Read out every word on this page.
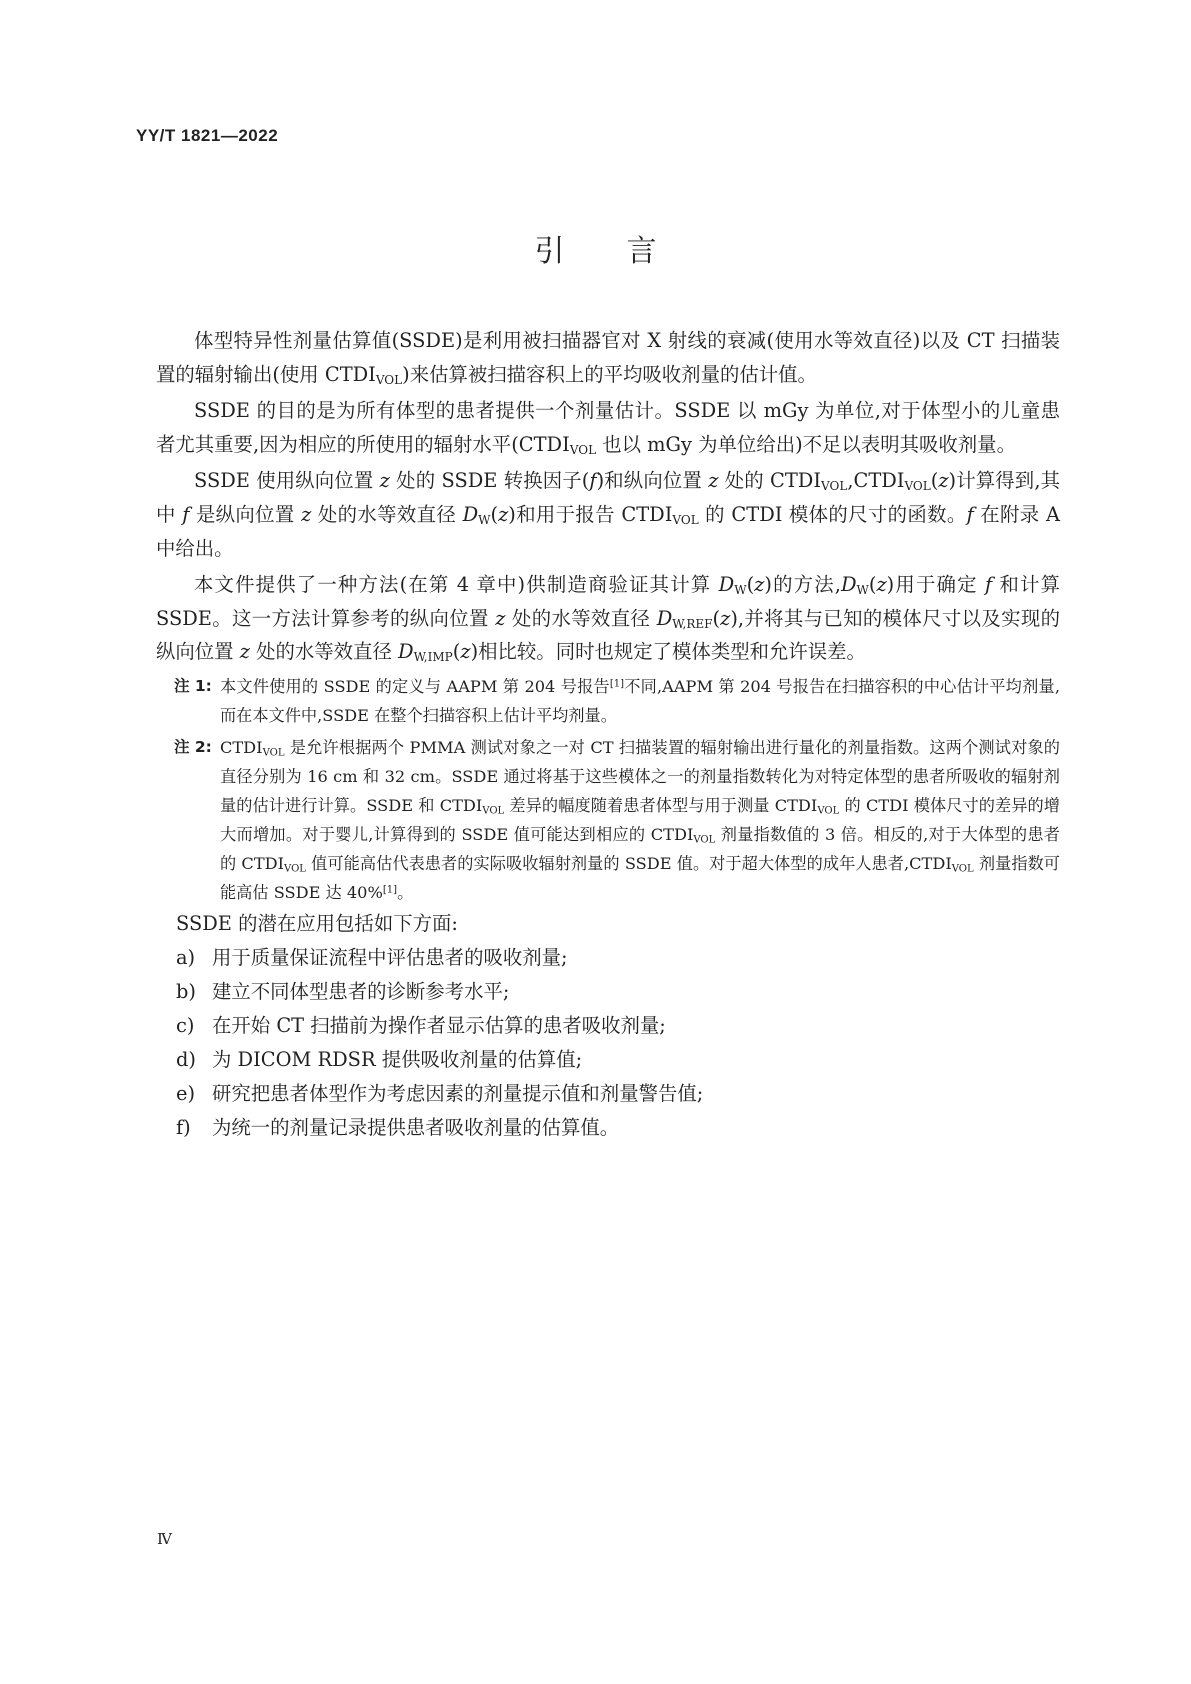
YY/T 1821—2022
引言

体型特异性剂量估算值(SSDE)是利用被扫描器官对 X 射线的衰减(使用水等效直径)以及 CT 扫描装置的辐射输出(使用 $CTDI_{VOL}$)来估算被扫描容积上的平均吸收剂量的估计值。

SSDE 的目的是为所有体型的患者提供一个剂量估计。SSDE 以 mGy 为单位,对于体型小的儿童患者尤其重要,因为相应的所使用的辐射水平($CTDI_{VOL}$ 也以 mGy 为单位给出)不足以表明其吸收剂量。

SSDE 使用纵向位置 z 处的 SSDE 转换因子(f)和纵向位置 z 处的 $CTDI_{VOL},CTDI_{VOL}(z)$计算得到,其中 f 是纵向位置 z 处的水等效直径 $D_W(z)$和用于报告 $CTDI_{VOL}$ 的 CTDI 模体的尺寸的函数。f 在附录 A 中给出。

本文件提供了一种方法(在第 4 章中)供制造商验证其计算 $D_W(z)$的方法$,D_W(z)$用于确定 f 和计算 SSDE。这一方法计算参考的纵向位置 z 处的水等效直径 $D_{W,REF}(z)$,并将其与已知的模体尺寸以及实现的纵向位置 z 处的水等效直径 $D_{W,IMP}(z)$相比较。同时也规定了模体类型和允许误差。

注 1: 本文件使用的 SSDE 的定义与 AAPM 第 204 号报告[1]不同,AAPM 第 204 号报告在扫描容积的中心估计平均剂量,而在本文件中,SSDE 在整个扫描容积上估计平均剂量。
注 2: $CTDI_{VOL}$ 是允许根据两个 PMMA 测试对象之一对 CT 扫描装置的辐射输出进行量化的剂量指数。这两个测试对象的直径分别为 16 cm 和 32 cm。SSDE 通过将基于这些模体之一的剂量指数转化为对特定体型的患者所吸收的辐射剂量的估计进行计算。SSDE 和 $CTDI_{VOL}$ 差异的幅度随着患者体型与用于测量 $CTDI_{VOL}$ 的 CTDI 模体尺寸的差异的增大而增加。对于婴儿,计算得到的 SSDE 值可能达到相应的 $CTDI_{VOL}$ 剂量指数值的 3 倍。相反的,对于大体型的患者的 $CTDI_{VOL}$ 值可能高估代表患者的实际吸收辐射剂量的 SSDE 值。对于超大体型的成年人患者$,CTDI_{VOL}$ 剂量指数可能高估 SSDE 达 40%[1]。

SSDE 的潜在应用包括如下方面:

a) 用于质量保证流程中评估患者的吸收剂量;
b) 建立不同体型患者的诊断参考水平;
c) 在开始 CT 扫描前为操作者显示估算的患者吸收剂量;
d) 为 DICOM RDSR 提供吸收剂量的估算值;
e) 研究把患者体型作为考虑因素的剂量提示值和剂量警告值;
f) 为统一的剂量记录提供患者吸收剂量的估算值。
Ⅳ
